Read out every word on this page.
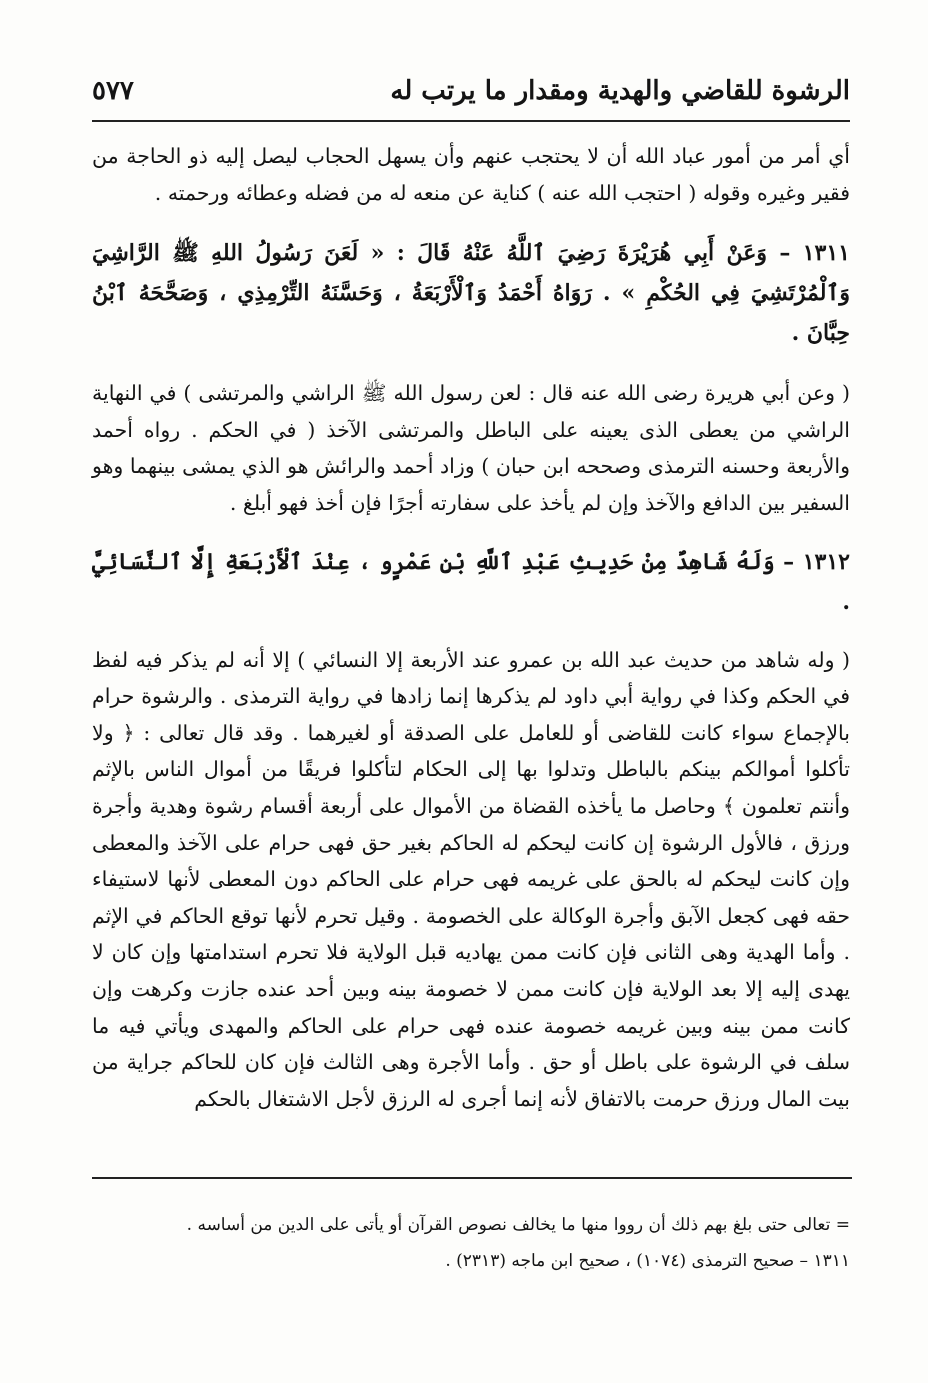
الرشوة للقاضي والهدية ومقدار ما يرتب له
٥٧٧

أي أمر من أمور عباد الله أن لا يحتجب عنهم وأن يسهل الحجاب ليصل إليه ذو الحاجة من فقير وغيره وقوله ( احتجب الله عنه ) كناية عن منعه له من فضله وعطائه ورحمته .

١٣١١ – وَعَنْ أَبِي هُرَيْرَةَ رَضِيَ ٱللَّهُ عَنْهُ قَالَ : « لَعَنَ رَسُولُ اللهِ ﷺ الرَّاشِيَ وَٱلْمُرْتَشِيَ فِي الحُكْمِ » . رَوَاهُ أَحْمَدُ وَٱلْأَرْبَعَةُ ، وَحَسَّنَهُ التِّرْمِذِي ، وَصَحَّحَهُ ٱبْنُ حِبَّانَ .

( وعن أبي هريرة رضى الله عنه قال : لعن رسول الله ﷺ الراشي والمرتشى ) في النهاية الراشي من يعطى الذى يعينه على الباطل والمرتشى الآخذ ( في الحكم . رواه أحمد والأربعة وحسنه الترمذى وصححه ابن حبان ) وزاد أحمد والرائش هو الذي يمشى بينهما وهو السفير بين الدافع والآخذ وإن لم يأخذ على سفارته أجرًا فإن أخذ فهو أبلغ .

١٣١٢ – وَلَهُ شَاهِدٌ مِنْ حَدِيثِ عَبْدِ ٱللَّهِ بْنِ عَمْرٍو ، عِنْدَ ٱلْأَرْبَعَةِ إِلَّا ٱلنَّسَائِيَّ .

( وله شاهد من حديث عبد الله بن عمرو عند الأربعة إلا النسائي ) إلا أنه لم يذكر فيه لفظ في الحكم وكذا في رواية أبي داود لم يذكرها إنما زادها في رواية الترمذى . والرشوة حرام بالإجماع سواء كانت للقاضى أو للعامل على الصدقة أو لغيرهما . وقد قال تعالى : ﴿ ولا تأكلوا أموالكم بينكم بالباطل وتدلوا بها إلى الحكام لتأكلوا فريقًا من أموال الناس بالإثم وأنتم تعلمون ﴾ وحاصل ما يأخذه القضاة من الأموال على أربعة أقسام رشوة وهدية وأجرة ورزق ، فالأول الرشوة إن كانت ليحكم له الحاكم بغير حق فهى حرام على الآخذ والمعطى وإن كانت ليحكم له بالحق على غريمه فهى حرام على الحاكم دون المعطى لأنها لاستيفاء حقه فهى كجعل الآبق وأجرة الوكالة على الخصومة . وقيل تحرم لأنها توقع الحاكم في الإثم . وأما الهدية وهى الثانى فإن كانت ممن يهاديه قبل الولاية فلا تحرم استدامتها وإن كان لا يهدى إليه إلا بعد الولاية فإن كانت ممن لا خصومة بينه وبين أحد عنده جازت وكرهت وإن كانت ممن بينه وبين غريمه خصومة عنده فهى حرام على الحاكم والمهدى ويأتي فيه ما سلف في الرشوة على باطل أو حق . وأما الأجرة وهى الثالث فإن كان للحاكم جراية من بيت المال ورزق حرمت بالاتفاق لأنه إنما أجرى له الرزق لأجل الاشتغال بالحكم

= تعالى حتى بلغ بهم ذلك أن رووا منها ما يخالف نصوص القرآن أو يأتى على الدين من أساسه .
١٣١١ – صحيح الترمذى (١٠٧٤) ، صحيح ابن ماجه (٢٣١٣) .
